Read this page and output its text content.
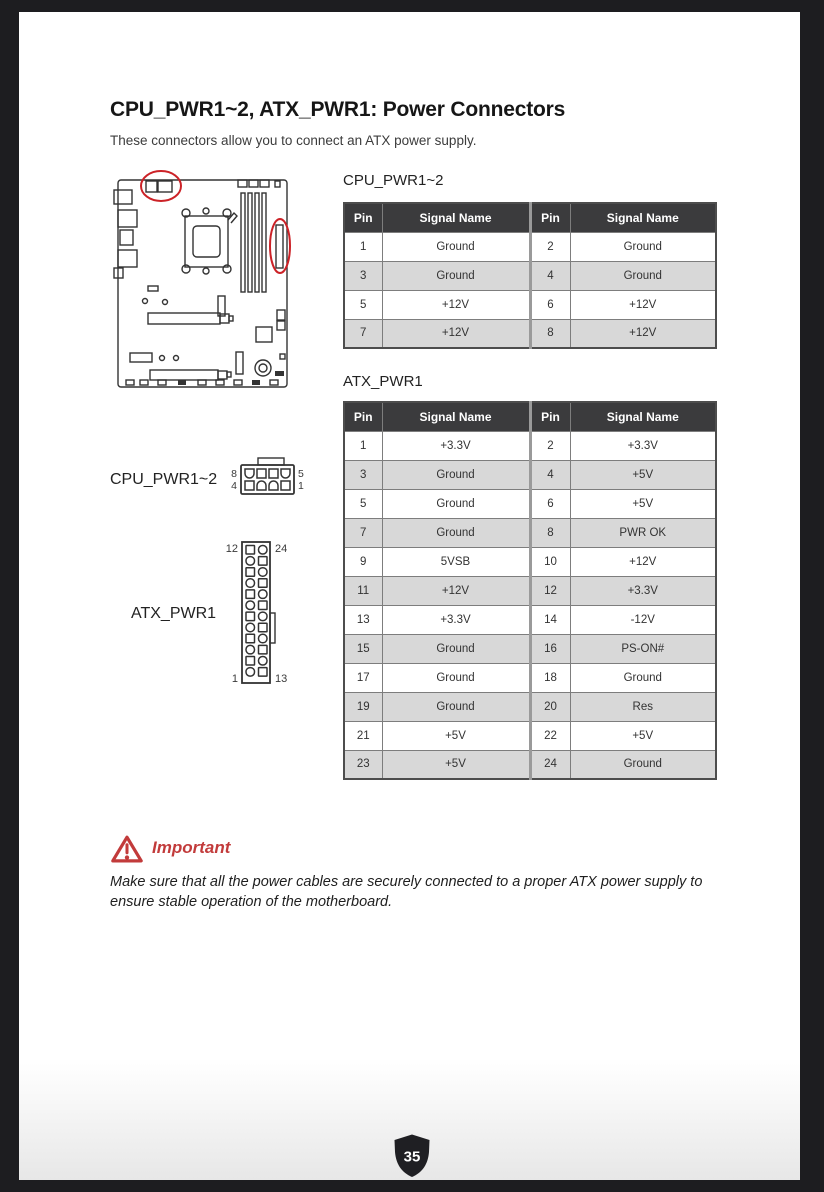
CPU_PWR1~2, ATX_PWR1: Power Connectors

These connectors allow you to connect an ATX power supply.

CPU_PWR1~2
Pin	Signal Name	Pin	Signal Name
1	Ground	2	Ground
3	Ground	4	Ground
5	+12V	6	+12V
7	+12V	8	+12V
ATX_PWR1
Pin	Signal Name	Pin	Signal Name
1	+3.3V	2	+3.3V
3	Ground	4	+5V
5	Ground	6	+5V
7	Ground	8	PWR OK
9	5VSB	10	+12V
11	+12V	12	+3.3V
13	+3.3V	14	-12V
15	Ground	16	PS-ON#
17	Ground	18	Ground
19	Ground	20	Res
21	+5V	22	+5V
23	+5V	24	Ground
CPU_PWR1~2 8
4
5
1
ATX_PWR1
12	24
1	13
Important

Make sure that all the power cables are securely connected to a proper ATX power supply to ensure stable operation of the motherboard.

35
